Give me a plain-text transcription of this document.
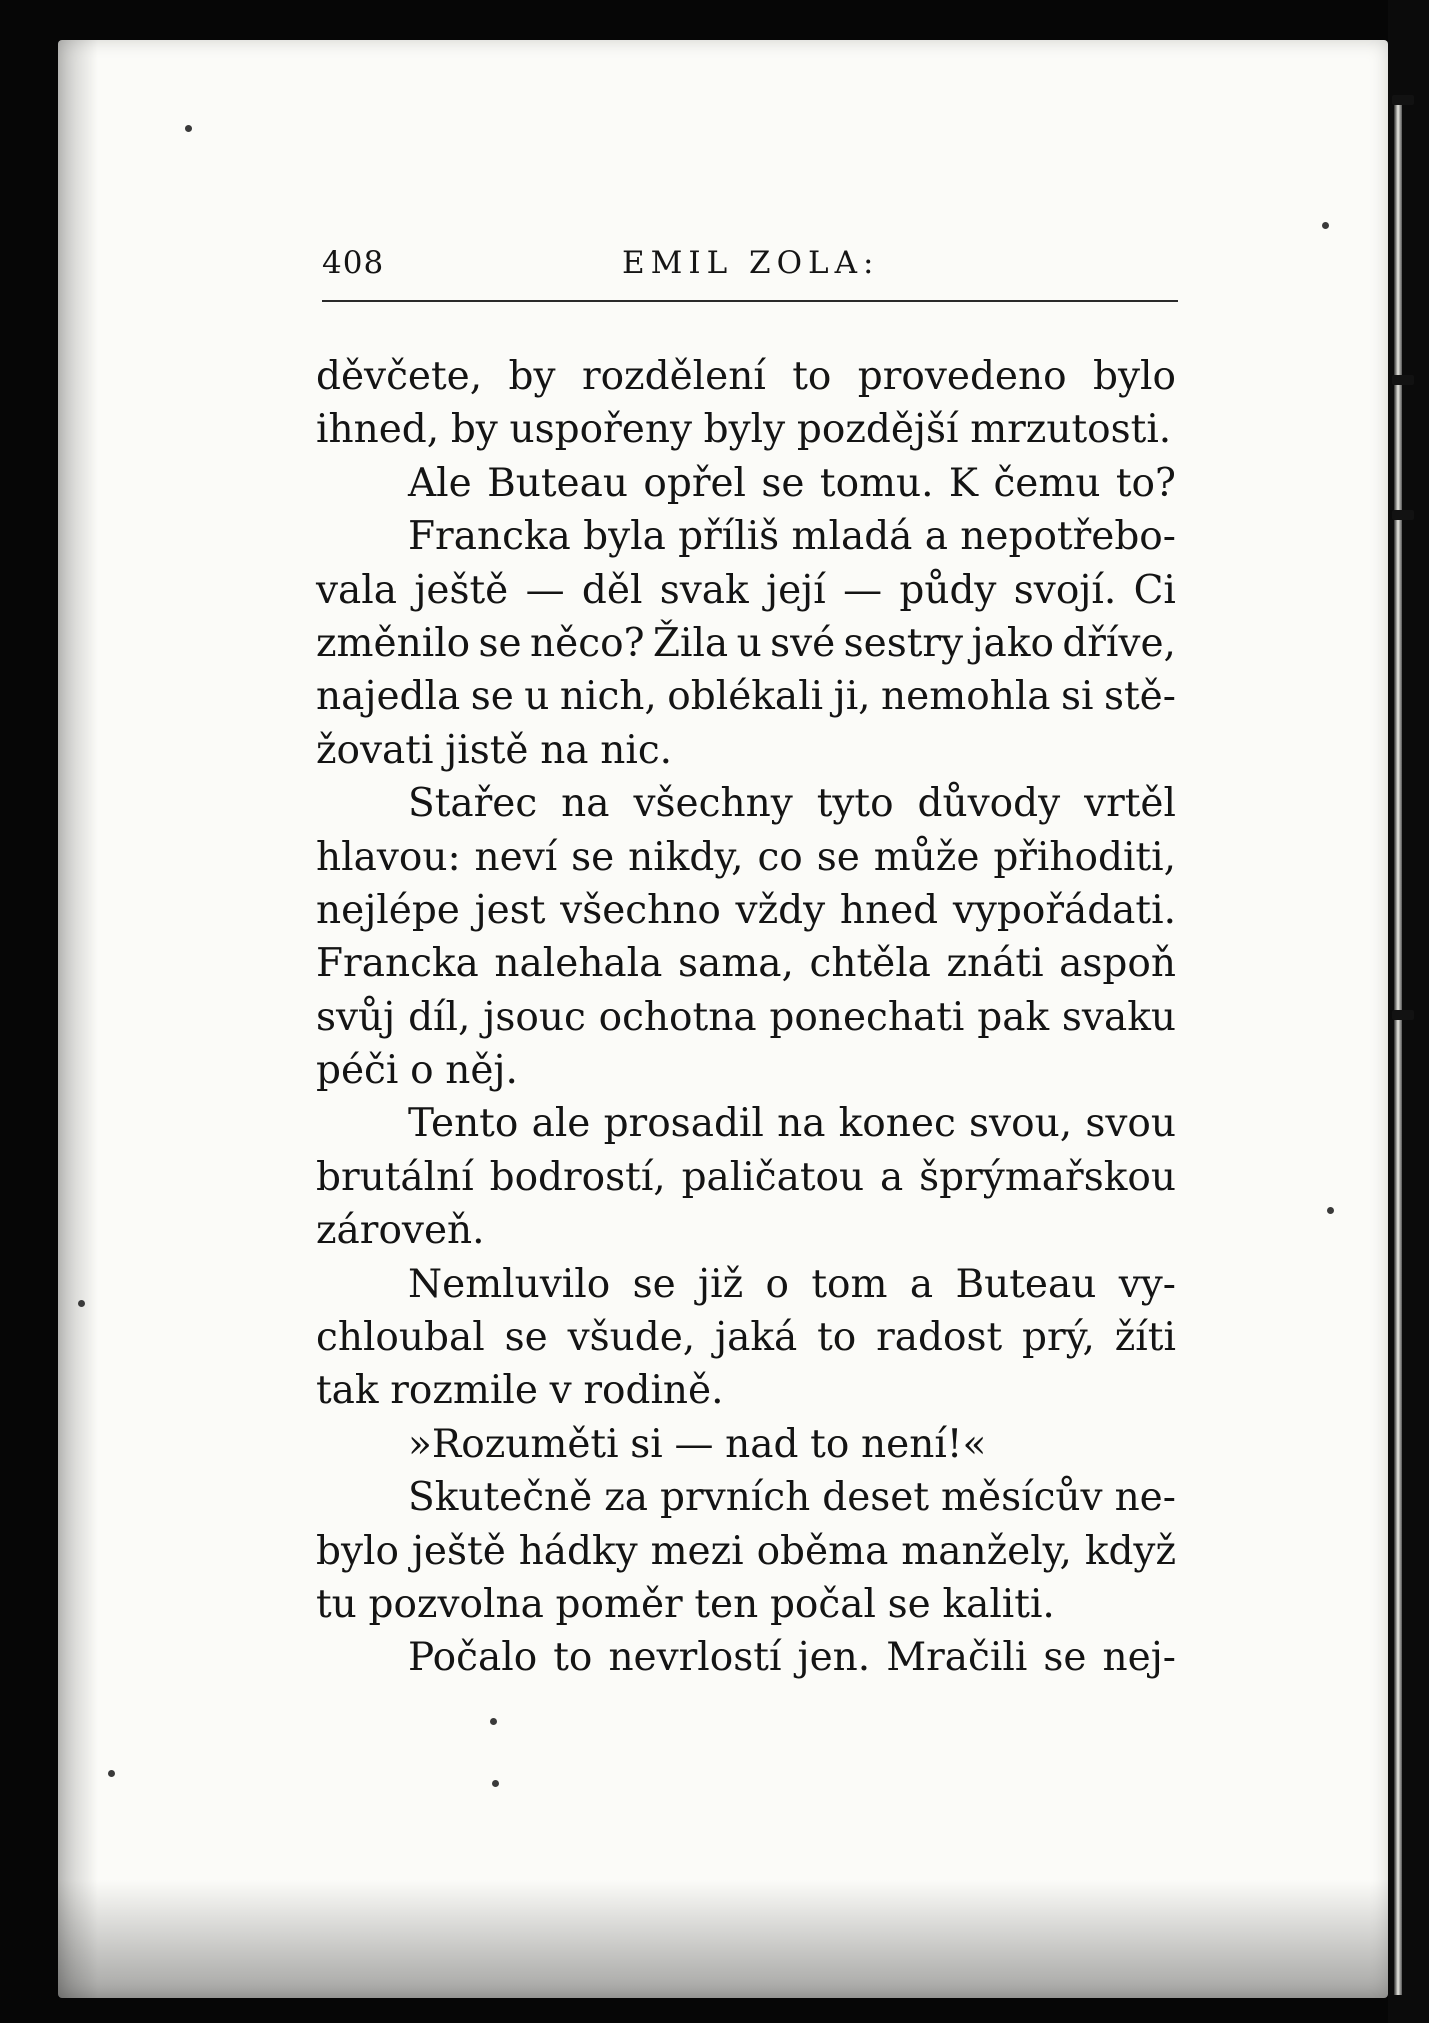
408	EMIL ZOLA:
děvčete, by rozdělení to provedeno bylo
ihned, by uspořeny byly pozdější mrzutosti.
Ale Buteau opřel se tomu. K čemu to?
Francka byla příliš mladá a nepotřebo-
vala ještě — děl svak její — půdy svojí. Ci
změnilo se něco? Žila u své sestry jako dříve,
najedla se u nich, oblékali ji, nemohla si stě-
žovati jistě na nic.
Stařec na všechny tyto důvody vrtěl
hlavou: neví se nikdy, co se může přihoditi,
nejlépe jest všechno vždy hned vypořádati.
Francka nalehala sama, chtěla znáti aspoň
svůj díl, jsouc ochotna ponechati pak svaku
péči o něj.
Tento ale prosadil na konec svou, svou
brutální bodrostí, paličatou a šprýmařskou
zároveň.
Nemluvilo se již o tom a Buteau vy-
chloubal se všude, jaká to radost prý, žíti
tak rozmile v rodině.
»Rozuměti si — nad to není!«
Skutečně za prvních deset měsícův ne-
bylo ještě hádky mezi oběma manžely, když
tu pozvolna poměr ten počal se kaliti.
Počalo to nevrlostí jen. Mračili se nej-
